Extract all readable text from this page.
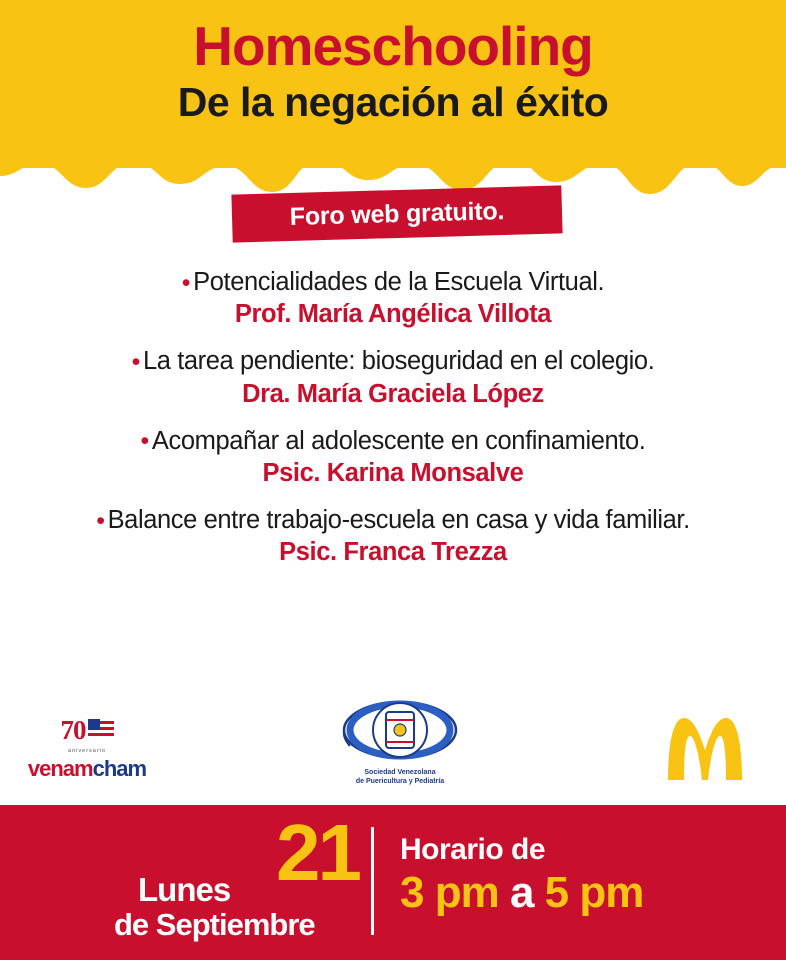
Homeschooling
De la negación al éxito
Foro web gratuito.
• Potencialidades de la Escuela Virtual.
Prof. María Angélica Villota
• La tarea pendiente: bioseguridad en el colegio.
Dra. María Graciela López
• Acompañar al adolescente en confinamiento.
Psic. Karina Monsalve
• Balance entre trabajo-escuela en casa y vida familiar.
Psic. Franca Trezza
70
aniversario
venamcham	Sociedad Venezolana
de Puericultura y Pediatría
21
Lunes
de Septiembre
Horario de
3 pm a 5 pm
